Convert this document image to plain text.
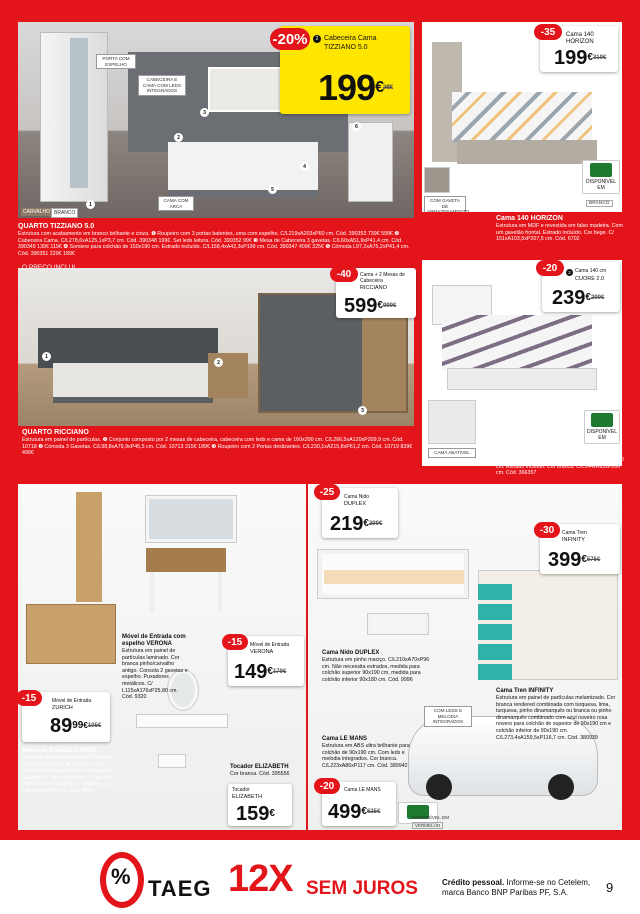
PORTA COM ESPELHO
CABECEIRA E CAMA COM LEDS INTEGRADOS
CAMA COM ARCA
1
2
3
4
5
6
CARVALHO BRANCO
-20%	2 Cabeceira Cama
TIZZIANO 5.0
$199^{€249€}$
QUARTO TIZZIANO 5.0
Estrutura com acabamento em branco brilhante e cinza. ❶ Roupeiro com 3 portas batentes, uma com espelho. C/L219xA203xP60 cm. Cód. 390353 739€ 599€ ❷ Cabeceira Cama. C/L278,6xA125,1xP3,7 cm. Cód. 390348 199€. Set leds leitura. Cód. 390352 99€ ❸ Mesa de Cabeceira 3 gavetas. C/L60xA51,9xP41,4 cm. Cód. 390349 139€ 119€ ❹ Somiere para colchão de 150x190 cm. Estrado incluído. C/L158,4xA42,3xP199 cm. Cód. 390347 409€ 325€ ❺ Cómoda L97,2xA75,2xP41,4 cm. Cód. 390351 229€ 189€
COM GAVETA DE ARMAZENAMENTO
DISPONÍVEL EM
BRANCO
-35	Cama 140
HORIZON
$199^{€319€}$
Cama 140 HORIZON
Estrutura em MDF e revestida em falso madeira. Com um gavetão frontal. Estrado incluído. Cor bege. C/ 151xA103,5xP207,5 cm. Cód. 6702
1
2
3
-40	Cama + 2 Mesas de Cabeceira
RICCIANO
$599^{€999€}$
QUARTO RICCIANO
Estrutura em painel de partículas. ❶ Conjunto composto por 2 mesas de cabeceira, cabeceira com leds e cama de 160x200 cm. C/L266,5xA120xP209,9 cm. Cód. 10718 ❷ Cómoda 3 Gavetas. C/L98,8xA79,9xP45,5 cm. Cód. 10713 315€ 189€ ❸ Roupeiro com 2 Portas deslizantes. C/L230,1xA215,8xP61,2 cm. Cód. 10719 839€ 499€	CAMA ABATÍVEL
DISPONÍVEL EM
-20	2 Cama 140 cm
CUORE 2.0
$239^{€299€}$
Cama CUORE 2.0
Revestida em pele sintética. Para colchão de 135x190 cm. Estrado incluído. Cor branca. C/L144xA95xP200 cm. Cód. 366357
Móvel de Entrada com espelho VERONA
Estrutura em painel de partículas laminado. Cor branca pinho/carvalho antigo. Consola 2 gavetas e espelho. Puxadores metálicos. C/ L115xA176xP25,80 cm. Cód. 9320
-15	Móvel de Entrada
VERONA
$149^{€179€}$
-15	Móvel de Entrada
ZURICH
$89^{99€105€}$
Móvel de Entrada ZURICH
Móvel de Entrada/Sapateira. Painel de partículas 15 mm, de madeira, com acabamento melamizado, cor carvalho. Sapateira 1 compartimento + 1 gaveta + cabide com 1 prateleira + espelho. C/ L98xA200xP26 cm. Cód. 3041
Tocador ELIZABETH
Cor branca. Cód. 395556
Tocador
ELIZABETH
159€
COM LEDS E MELODIA INTEGRADOS
DISPONÍVEL EM
VERMELHO
-25	Cama Nido
DUPLEX
$219^{€299€}$
-30	Cama Tren
INFINITY
$399^{€575€}$
Cama Nido DUPLEX
Estrutura em pinho maciço. C/L210xA70xP96 cm. Não necessita estrados, medida para colchão superior 90x190 cm, medida para colchão inferior 90x180 cm. Cód. 9996
Cama Tren INFINITY
Estrutura em painel de partículas melamizado. Cor branca rendered combinada com turquesa, lima, turquesa, pinho dinamarquês ou branca ou pinho dinamarquês combinado com azul noveiro rosa novero para colchão de superior de 90x190 cm e colchão inferior de 90x190 cm. C/L273,4xA159,5xP116,7 cm. Cód. 380939
Cama LE MANS
Estrutura em ABS ultra brilhante para colchão de 90x190 cm. Com leds e melodia integrados. Cor branca. C/L223xA86xP117 cm. Cód. 389942
-20	Cama LE MANS
$499^{€625€}$
% TAEG 12X SEM JUROS	Crédito pessoal. Informe-se no Cetelem, marca Banco BNP Paribas PF, S.A.	9
